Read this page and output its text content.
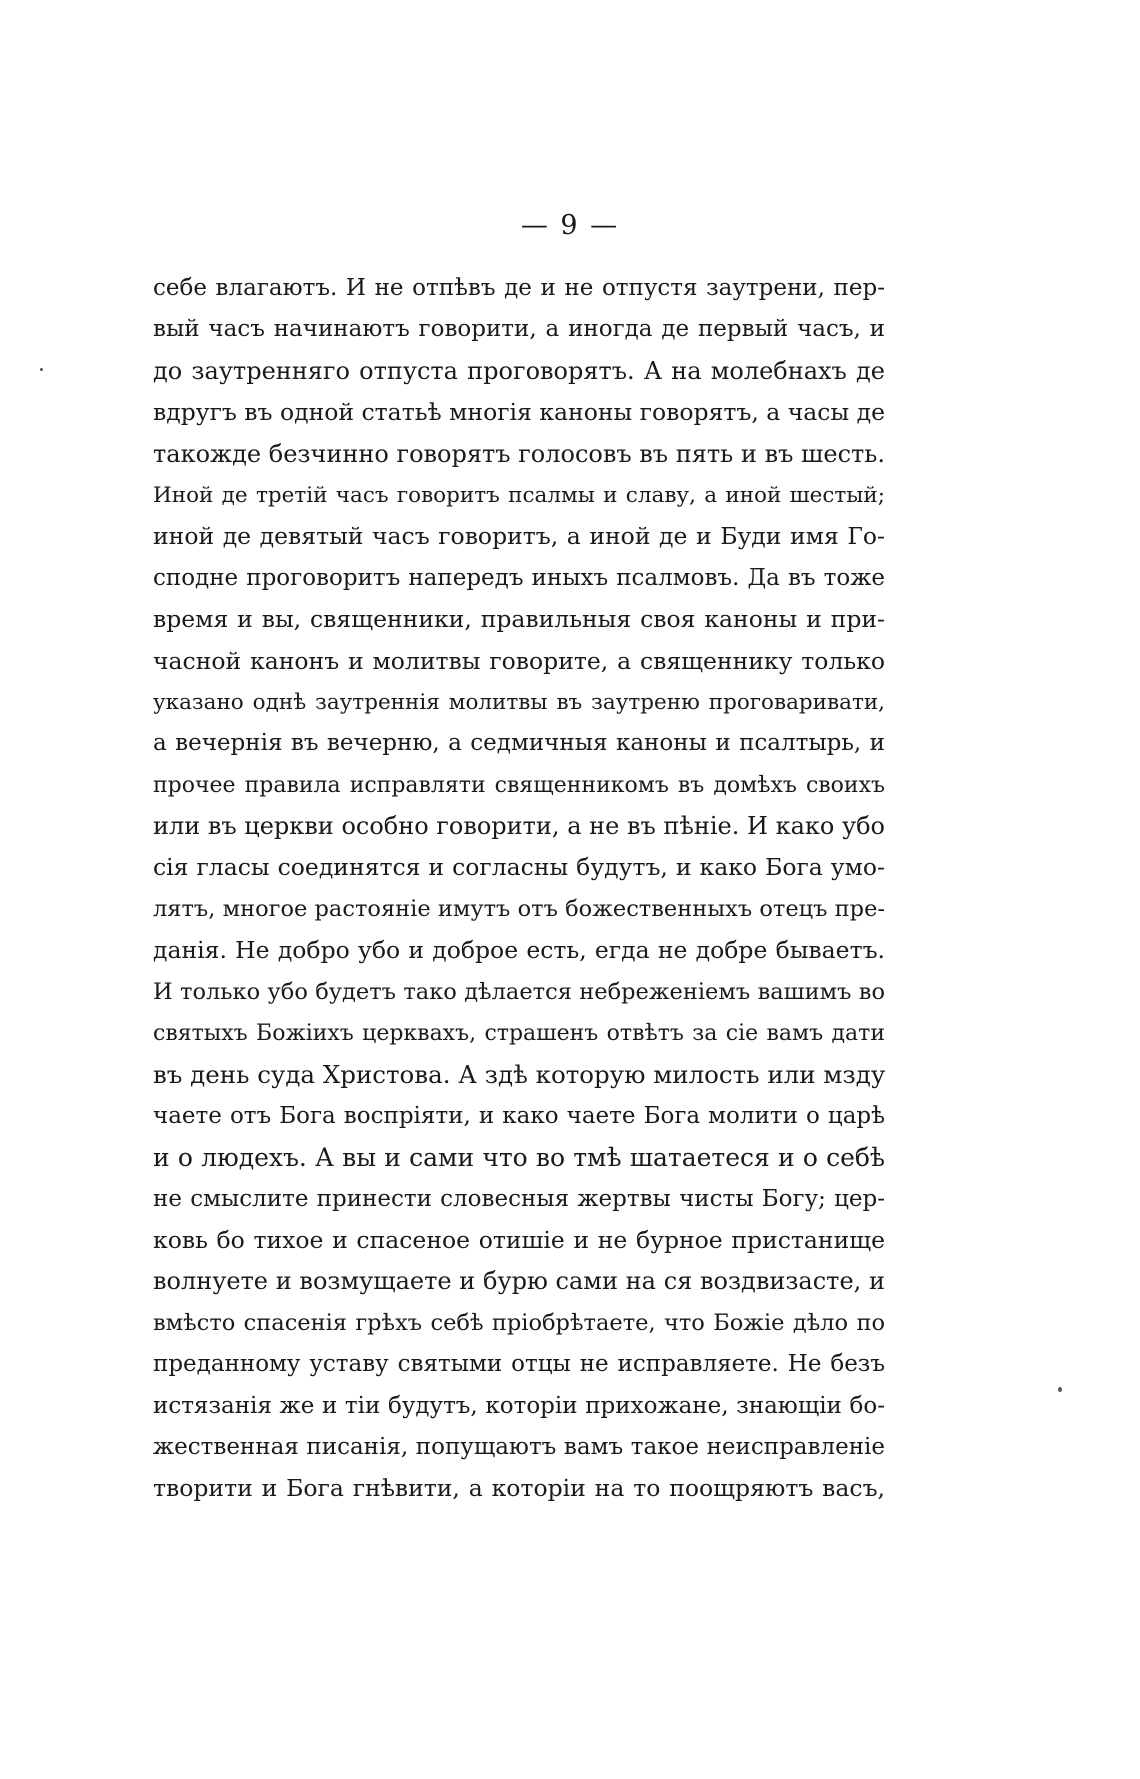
— 9 —
себе влагаютъ. И не отпѣвъ де и не отпустя заутрени, пер-
вый часъ начинаютъ говорити, а иногда де первый часъ, и
до заутренняго отпуста проговорятъ. А на молебнахъ де
вдругъ въ одной статьѣ многія каноны говорятъ, а часы де
такожде безчинно говорятъ голосовъ въ пять и въ шесть.
Иной де третій часъ говоритъ псалмы и славу, а иной шестый;
иной де девятый часъ говоритъ, а иной де и Буди имя Го-
сподне проговоритъ напередъ иныхъ псалмовъ. Да въ тоже
время и вы, священники, правильныя своя каноны и при-
часной канонъ и молитвы говорите, а священнику только
указано однѣ заутреннія молитвы въ заутреню проговаривати,
а вечернія въ вечерню, а седмичныя каноны и псалтырь, и
прочее правила исправляти священникомъ въ домѣхъ своихъ
или въ церкви особно говорити, а не въ пѣніе. И како убо
сія гласы соединятся и согласны будутъ, и како Бога умо-
лятъ, многое растояніе имутъ отъ божественныхъ отецъ пре-
данія. Не добро убо и доброе есть, егда не добре бываетъ.
И только убо будетъ тако дѣлается небреженіемъ вашимъ во
святыхъ Божіихъ церквахъ, страшенъ отвѣтъ за сіе вамъ дати
въ день суда Христова. А здѣ которую милость или мзду
чаете отъ Бога воспріяти, и како чаете Бога молити о царѣ
и о людехъ. А вы и сами что во тмѣ шатаетеся и о себѣ
не смыслите принести словесныя жертвы чисты Богу; цер-
ковь бо тихое и спасеное отишіе и не бурное пристанище
волнуете и возмущаете и бурю сами на ся воздвизасте, и
вмѣсто спасенія грѣхъ себѣ пріобрѣтаете, что Божіе дѣло по
преданному уставу святыми отцы не исправляете. Не безъ
истязанія же и тіи будутъ, которіи прихожане, знающіи бо-
жественная писанія, попущаютъ вамъ такое неисправленіе
творити и Бога гнѣвити, а которіи на то поощряютъ васъ,
